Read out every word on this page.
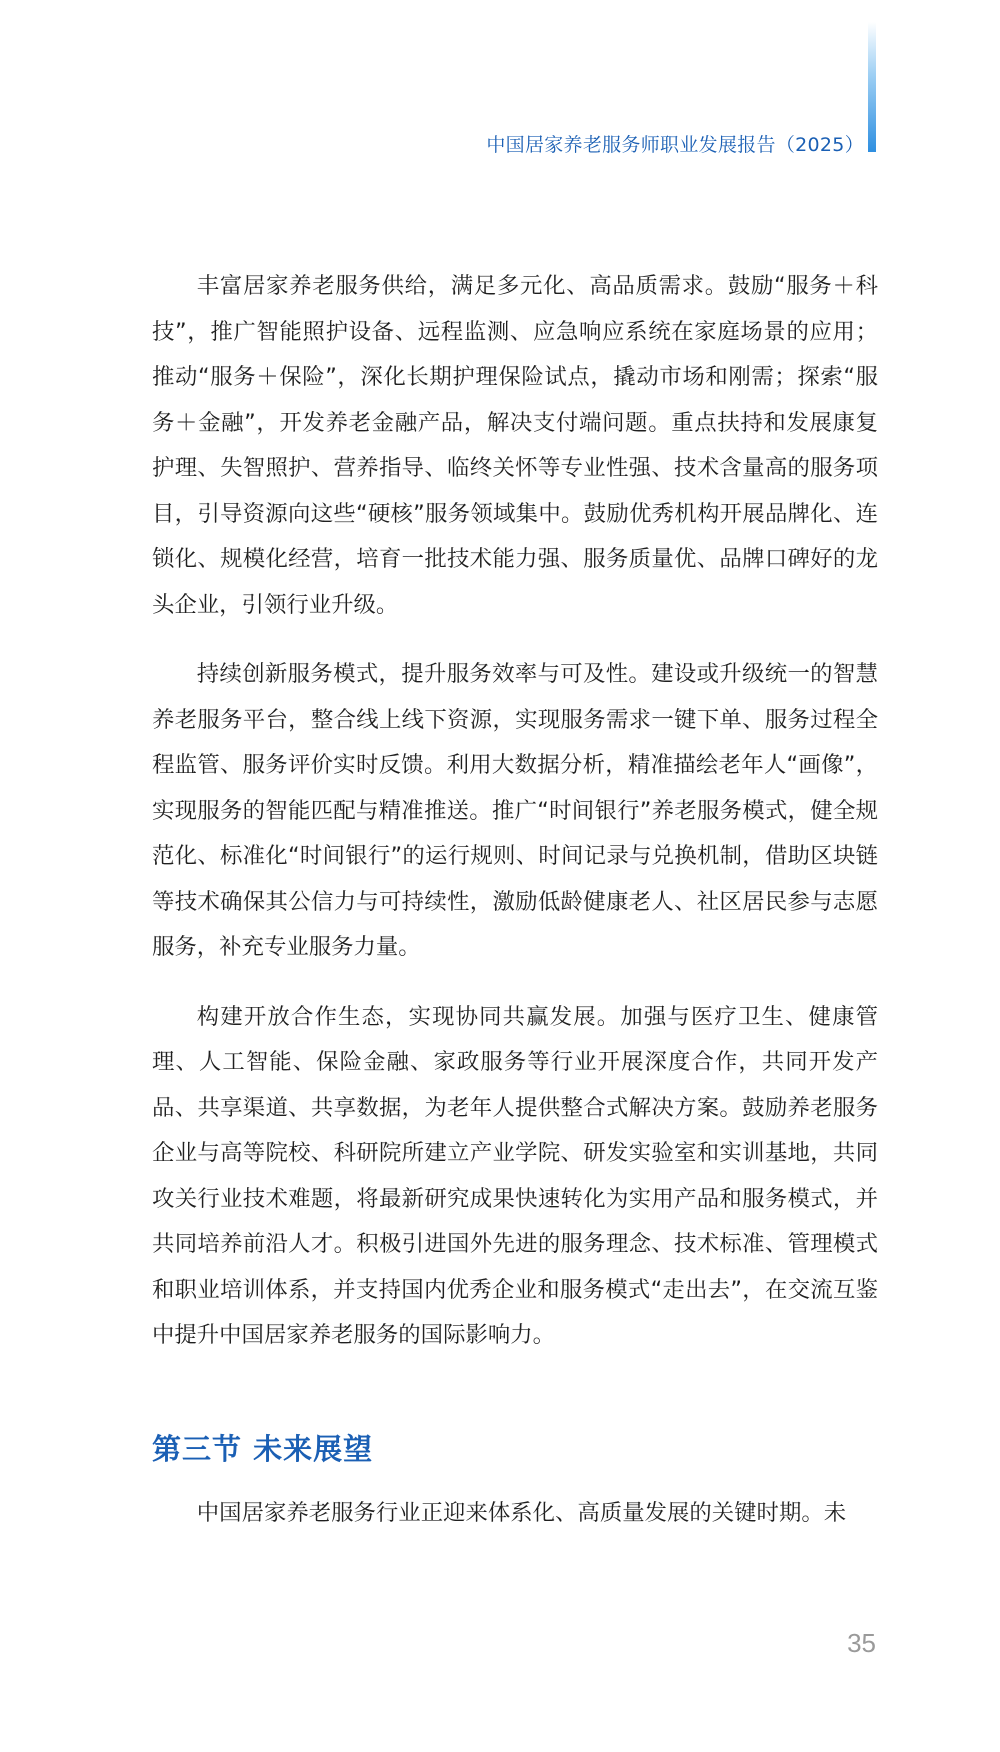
中国居家养老服务师职业发展报告（2025）

丰富居家养老服务供给，满足多元化、高品质需求。鼓励“服务＋科技”，推广智能照护设备、远程监测、应急响应系统在家庭场景的应用；推动“服务＋保险”，深化长期护理保险试点，撬动市场和刚需；探索“服务＋金融”，开发养老金融产品，解决支付端问题。重点扶持和发展康复护理、失智照护、营养指导、临终关怀等专业性强、技术含量高的服务项目，引导资源向这些“硬核”服务领域集中。鼓励优秀机构开展品牌化、连锁化、规模化经营，培育一批技术能力强、服务质量优、品牌口碑好的龙头企业，引领行业升级。

持续创新服务模式，提升服务效率与可及性。建设或升级统一的智慧养老服务平台，整合线上线下资源，实现服务需求一键下单、服务过程全程监管、服务评价实时反馈。利用大数据分析，精准描绘老年人“画像”，实现服务的智能匹配与精准推送。推广“时间银行”养老服务模式，健全规范化、标准化“时间银行”的运行规则、时间记录与兑换机制，借助区块链等技术确保其公信力与可持续性，激励低龄健康老人、社区居民参与志愿服务，补充专业服务力量。

构建开放合作生态，实现协同共赢发展。加强与医疗卫生、健康管理、人工智能、保险金融、家政服务等行业开展深度合作，共同开发产品、共享渠道、共享数据，为老年人提供整合式解决方案。鼓励养老服务企业与高等院校、科研院所建立产业学院、研发实验室和实训基地，共同攻关行业技术难题，将最新研究成果快速转化为实用产品和服务模式，并共同培养前沿人才。积极引进国外先进的服务理念、技术标准、管理模式和职业培训体系，并支持国内优秀企业和服务模式“走出去”，在交流互鉴中提升中国居家养老服务的国际影响力。

第三节 未来展望

中国居家养老服务行业正迎来体系化、高质量发展的关键时期。未

35
